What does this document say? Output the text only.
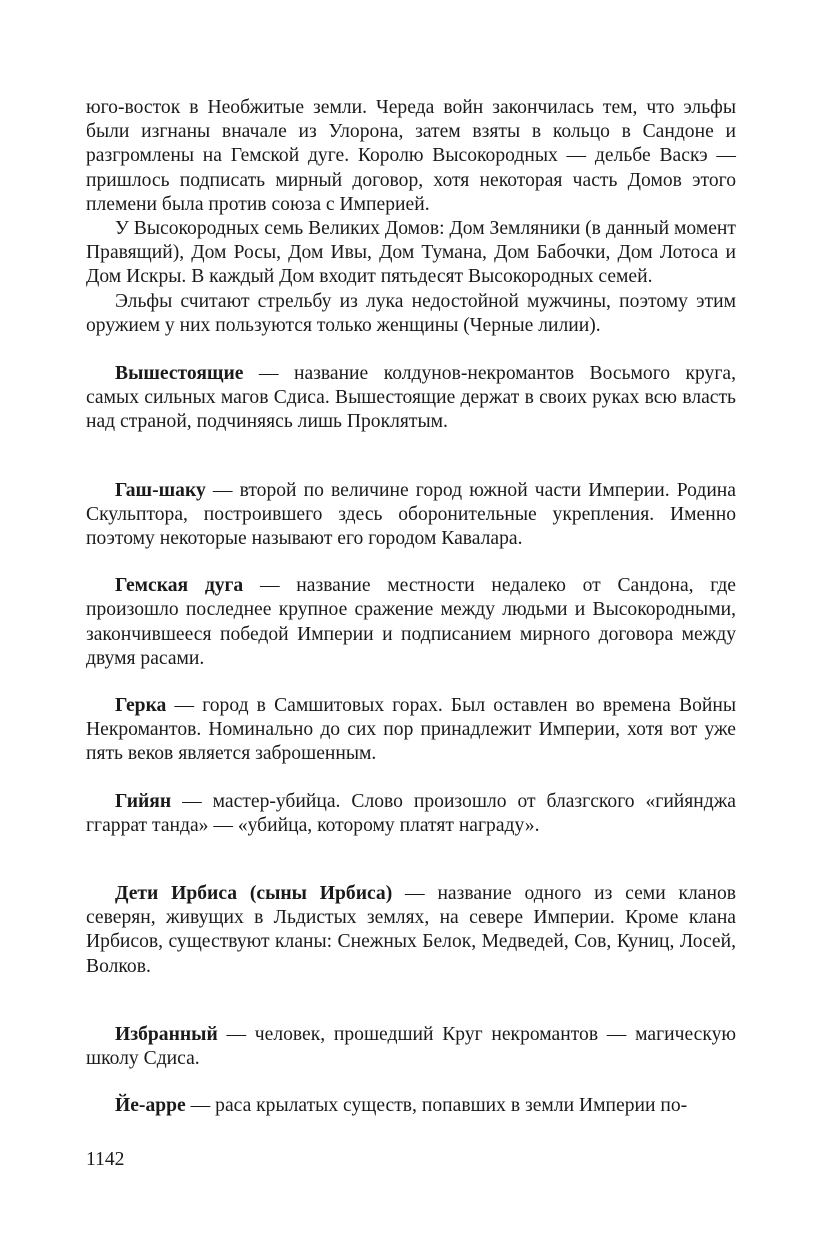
юго-восток в Необжитые земли. Череда войн закончилась тем, что эльфы были изгнаны вначале из Улорона, затем взяты в кольцо в Сандоне и разгромлены на Гемской дуге. Королю Высокородных — дельбе Васкэ — пришлось подписать мирный договор, хотя некоторая часть Домов этого племени была против союза с Империей.

У Высокородных семь Великих Домов: Дом Земляники (в данный момент Правящий), Дом Росы, Дом Ивы, Дом Тумана, Дом Бабочки, Дом Лотоса и Дом Искры. В каждый Дом входит пятьдесят Высокородных семей.

Эльфы считают стрельбу из лука недостойной мужчины, поэтому этим оружием у них пользуются только женщины (Черные лилии).

Вышестоящие — название колдунов-некромантов Восьмого круга, самых сильных магов Сдиса. Вышестоящие держат в своих руках всю власть над страной, подчиняясь лишь Проклятым.

Гаш-шаку — второй по величине город южной части Империи. Родина Скульптора, построившего здесь оборонительные укрепления. Именно поэтому некоторые называют его городом Кавалара.

Гемская дуга — название местности недалеко от Сандона, где произошло последнее крупное сражение между людьми и Высокородными, закончившееся победой Империи и подписанием мирного договора между двумя расами.

Герка — город в Самшитовых горах. Был оставлен во времена Войны Некромантов. Номинально до сих пор принадлежит Империи, хотя вот уже пять веков является заброшенным.

Гийян — мастер-убийца. Слово произошло от блазгского «гийянджа ггаррат танда» — «убийца, которому платят награду».

Дети Ирбиса (сыны Ирбиса) — название одного из семи кланов северян, живущих в Льдистых землях, на севере Империи. Кроме клана Ирбисов, существуют кланы: Снежных Белок, Медведей, Сов, Куниц, Лосей, Волков.

Избранный — человек, прошедший Круг некромантов — магическую школу Сдиса.

Йе-арре — раса крылатых существ, попавших в земли Империи по-

1142
